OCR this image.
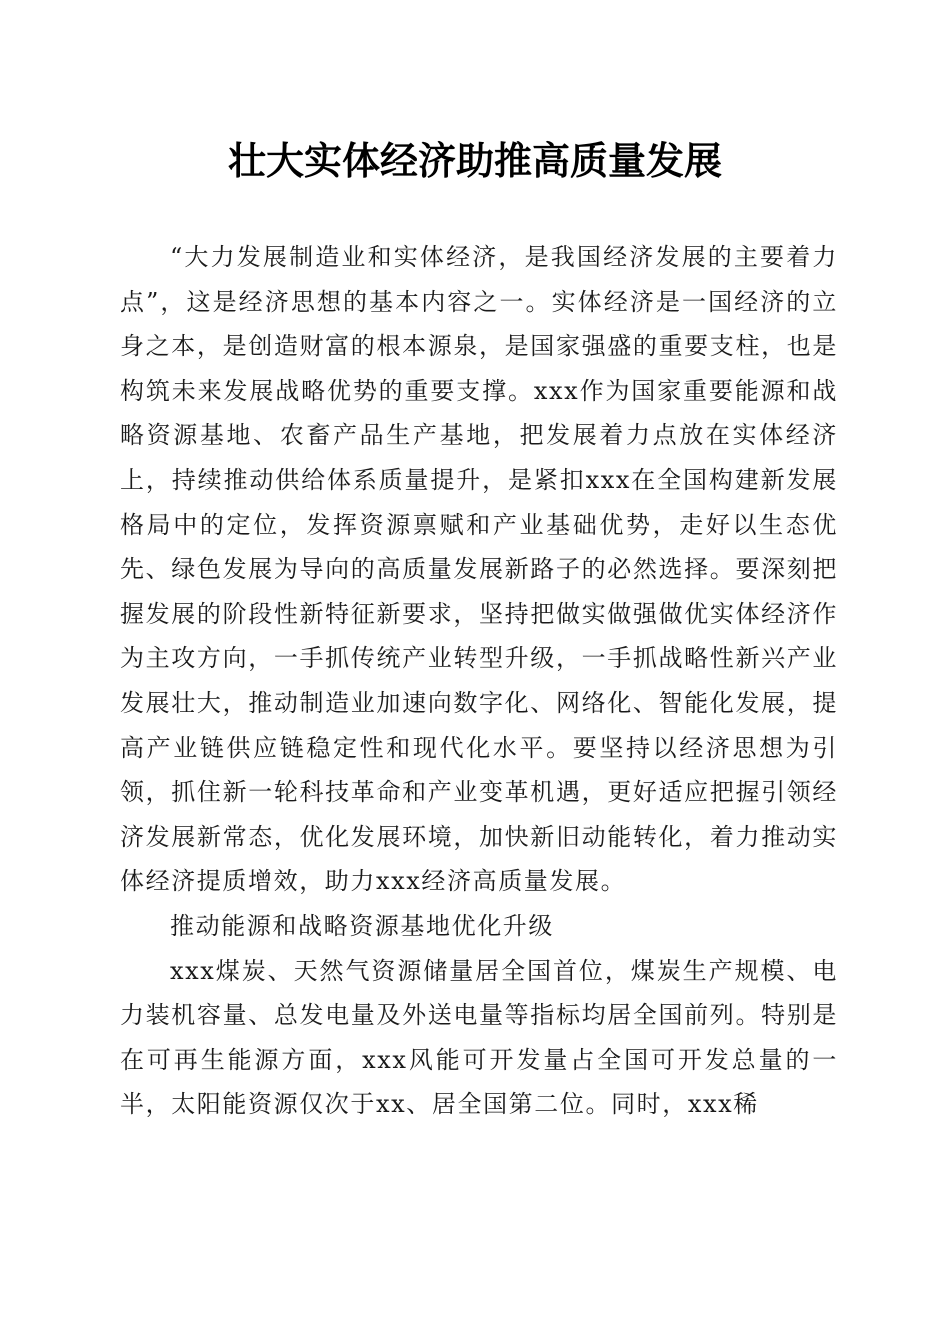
壮大实体经济助推高质量发展

“大力发展制造业和实体经济，是我国经济发展的主要着力点”，这是经济思想的基本内容之一。实体经济是一国经济的立身之本，是创造财富的根本源泉，是国家强盛的重要支柱，也是构筑未来发展战略优势的重要支撑。xxx作为国家重要能源和战略资源基地、农畜产品生产基地，把发展着力点放在实体经济上，持续推动供给体系质量提升，是紧扣xxx在全国构建新发展格局中的定位，发挥资源禀赋和产业基础优势，走好以生态优先、绿色发展为导向的高质量发展新路子的必然选择。要深刻把握发展的阶段性新特征新要求，坚持把做实做强做优实体经济作为主攻方向，一手抓传统产业转型升级，一手抓战略性新兴产业发展壮大，推动制造业加速向数字化、网络化、智能化发展，提高产业链供应链稳定性和现代化水平。要坚持以经济思想为引领，抓住新一轮科技革命和产业变革机遇，更好适应把握引领经济发展新常态，优化发展环境，加快新旧动能转化，着力推动实体经济提质增效，助力xxx经济高质量发展。

推动能源和战略资源基地优化升级

xxx煤炭、天然气资源储量居全国首位，煤炭生产规模、电力装机容量、总发电量及外送电量等指标均居全国前列。特别是在可再生能源方面，xxx风能可开发量占全国可开发总量的一半，太阳能资源仅次于xx、居全国第二位。同时，xxx稀
